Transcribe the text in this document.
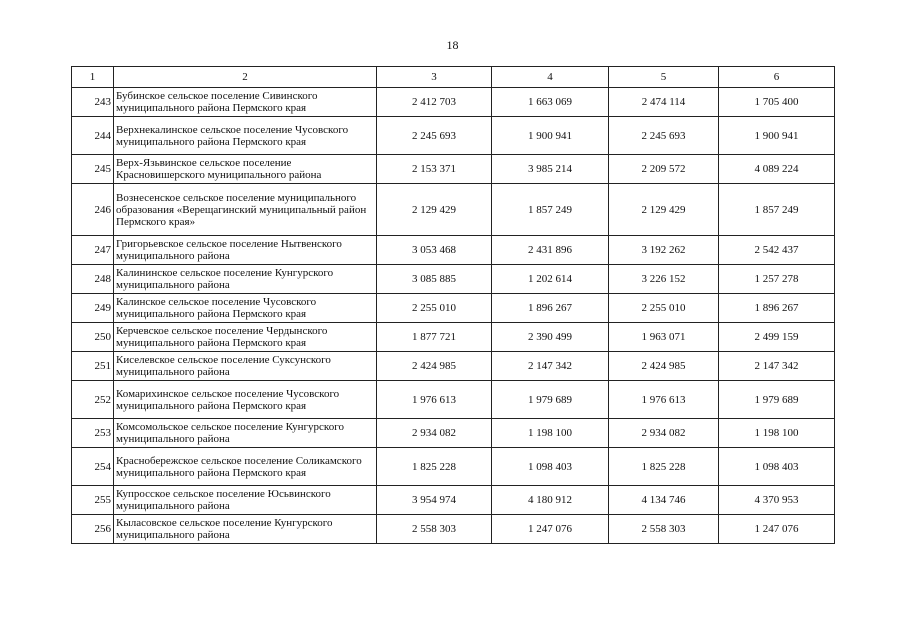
18
1	2	3	4	5	6
243	Бубинское сельское поселение Сивинского муниципального района Пермского края	2 412 703	1 663 069	2 474 114	1 705 400
244	Верхнекалинское сельское поселение Чусовского муниципального района Пермского края	2 245 693	1 900 941	2 245 693	1 900 941
245	Верх-Язьвинское сельское поселение Красновишерского муниципального района	2 153 371	3 985 214	2 209 572	4 089 224
246	Вознесенское сельское поселение муниципального образования «Верещагинский муниципальный район Пермского края»	2 129 429	1 857 249	2 129 429	1 857 249
247	Григорьевское сельское поселение Нытвенского муниципального района	3 053 468	2 431 896	3 192 262	2 542 437
248	Калининское сельское поселение Кунгурского муниципального района	3 085 885	1 202 614	3 226 152	1 257 278
249	Калинское сельское поселение Чусовского муниципального района Пермского края	2 255 010	1 896 267	2 255 010	1 896 267
250	Керчевское сельское поселение Чердынского муниципального района Пермского края	1 877 721	2 390 499	1 963 071	2 499 159
251	Киселевское сельское поселение Суксунского муниципального района	2 424 985	2 147 342	2 424 985	2 147 342
252	Комарихинское сельское поселение Чусовского муниципального района Пермского края	1 976 613	1 979 689	1 976 613	1 979 689
253	Комсомольское сельское поселение Кунгурского муниципального района	2 934 082	1 198 100	2 934 082	1 198 100
254	Краснобережское сельское поселение Соликамского муниципального района Пермского края	1 825 228	1 098 403	1 825 228	1 098 403
255	Купросское сельское поселение Юсьвинского муниципального района	3 954 974	4 180 912	4 134 746	4 370 953
256	Кыласовское сельское поселение Кунгурского муниципального района	2 558 303	1 247 076	2 558 303	1 247 076
